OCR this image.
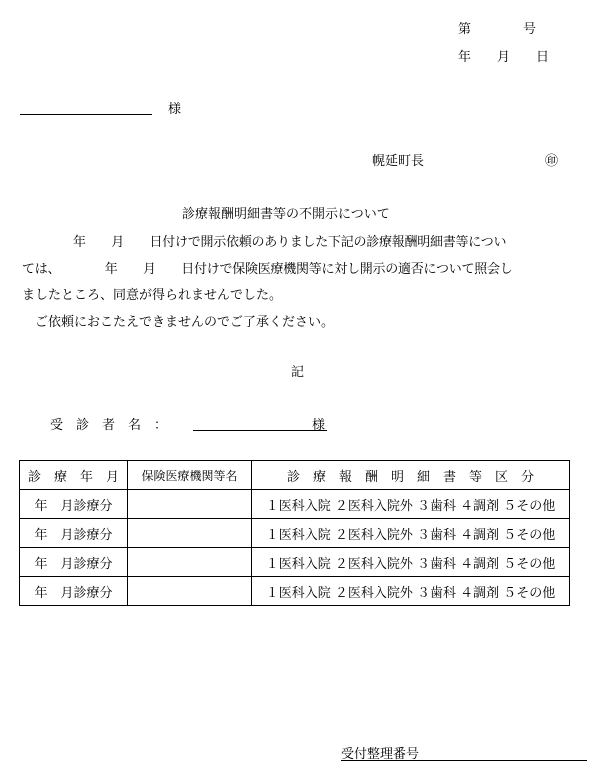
第　　　　号
年　　月　　日
様
幌延町長	㊞
診療報酬明細書等の不開示について
　　　　年　　月　　日付けで開示依頼のありました下記の診療報酬明細書等につい
ては、　　　　年　　月　　日付けで保険医療機関等に対し開示の適否について照会し
ましたところ、同意が得られませんでした。
　ご依頼におこたえできませんのでご了承ください。
記
受　診　者　名　：	様
診　療　年　月	保険医療機関等名	診　療　報　酬　明　細　書　等　区　分
年　月診療分		１医科入院 ２医科入院外 ３歯科 ４調剤 ５その他
年　月診療分		１医科入院 ２医科入院外 ３歯科 ４調剤 ５その他
年　月診療分		１医科入院 ２医科入院外 ３歯科 ４調剤 ５その他
年　月診療分		１医科入院 ２医科入院外 ３歯科 ４調剤 ５その他
受付整理番号
